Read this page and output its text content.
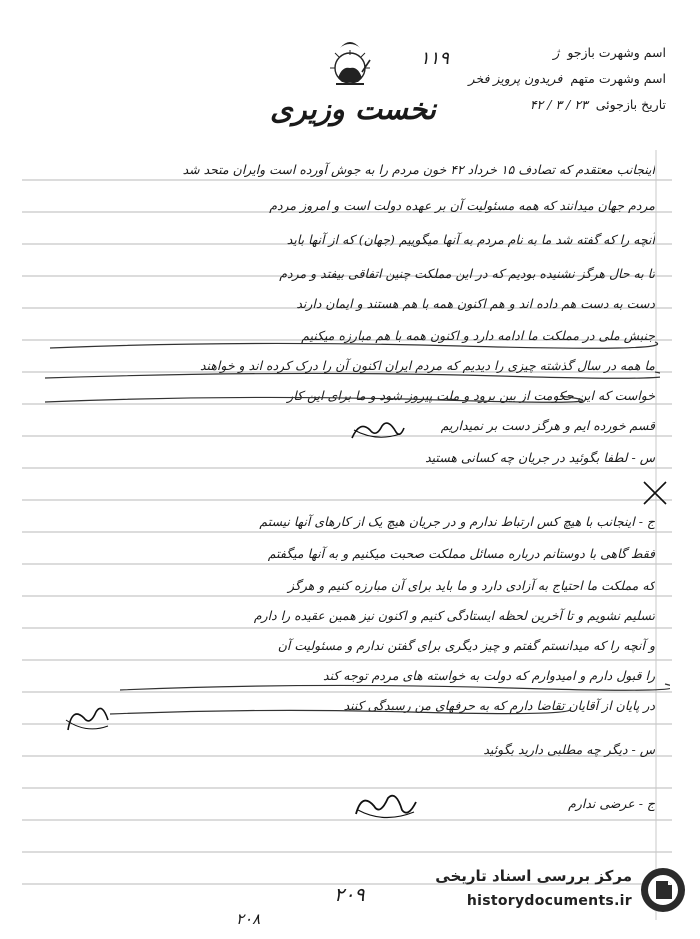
نخست وزیری
۱۱۹	اسم وشهرت بازجو ژ
اسم وشهرت متهم فریدون پرویز فخر
تاریخ بازجوئی ۲۳ / ۳ / ۴۲
اینجانب معتقدم که تصادف ۱۵ خرداد ۴۲ خون مردم را به جوش آورده است وایران متحد شد
مردم جهان میدانند که همه مسئولیت آن بر عهده دولت است و امروز مردم
آنچه را که گفته شد ما به نام مردم به آنها میگوییم (جهان) که از آنها باید
تا به حال هرگز نشنیده بودیم که در این مملکت چنین اتفاقی بیفتد و مردم
دست به دست هم داده اند و هم اکنون همه با هم هستند و ایمان دارند
جنبش ملی در مملکت ما ادامه دارد و اکنون همه با هم مبارزه میکنیم
ما همه در سال گذشته چیزی را دیدیم که مردم ایران اکنون آن را درک کرده اند و خواهند
خواست که این حکومت از بین برود و ملت پیروز شود و ما برای این کار
قسم خورده ایم و هرگز دست بر نمیداریم
س - لطفا بگوئید در جریان چه کسانی هستید
ج - اینجانب با هیچ کس ارتباط ندارم و در جریان هیچ یک از کارهای آنها نیستم
فقط گاهی با دوستانم درباره مسائل مملکت صحبت میکنیم و به آنها میگفتم
که مملکت ما احتیاج به آزادی دارد و ما باید برای آن مبارزه کنیم و هرگز
تسلیم نشویم و تا آخرین لحظه ایستادگی کنیم و اکنون نیز همین عقیده را دارم
و آنچه را که میدانستم گفتم و چیز دیگری برای گفتن ندارم و مسئولیت آن
را قبول دارم و امیدوارم که دولت به خواسته های مردم توجه کند
در پایان از آقایان تقاضا دارم که به حرفهای من رسیدگی کنند
س - دیگر چه مطلبی دارید بگوئید
ج - عرضی ندارم
۲۰۹
۲۰۸
مرکز بررسی اسناد تاریخی
historydocuments.ir
